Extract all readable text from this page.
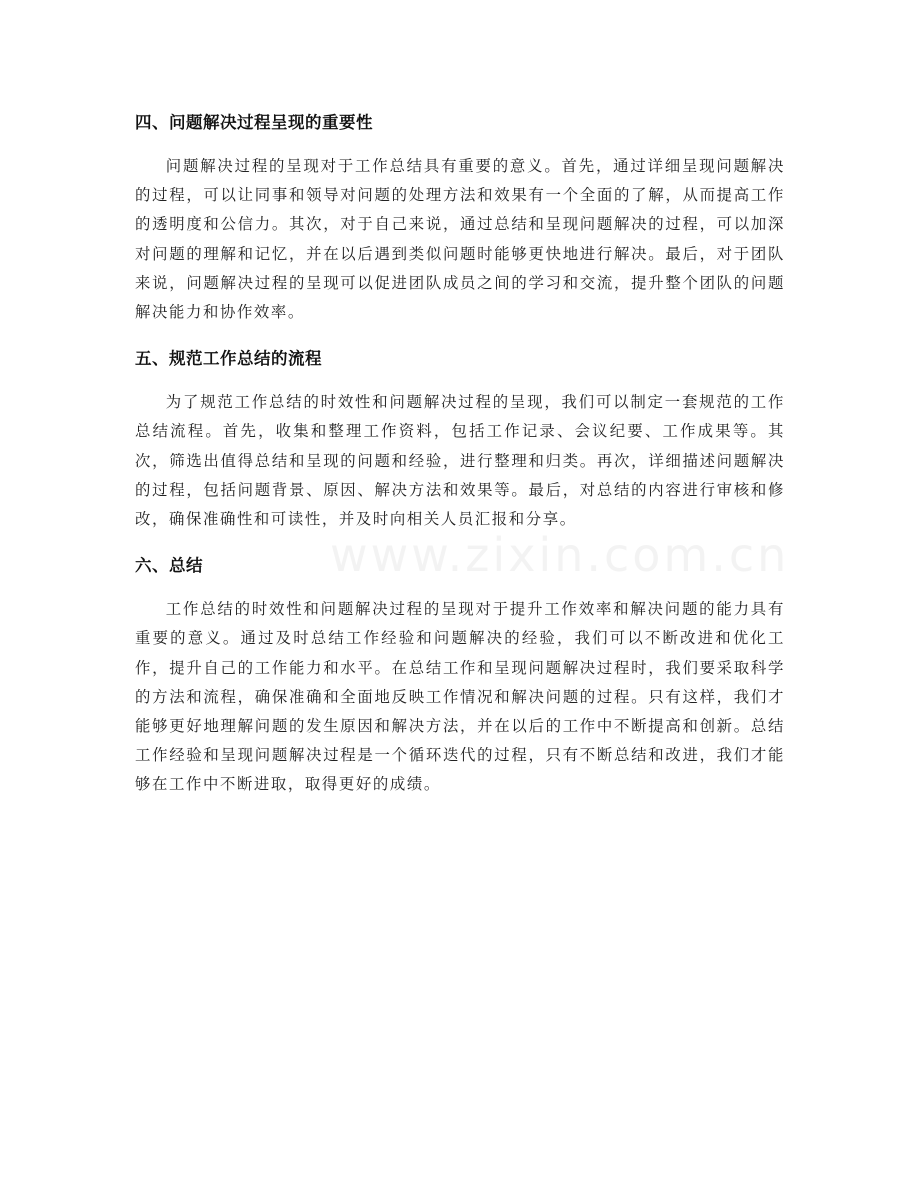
四、问题解决过程呈现的重要性

问题解决过程的呈现对于工作总结具有重要的意义。首先，通过详细呈现问题解决的过程，可以让同事和领导对问题的处理方法和效果有一个全面的了解，从而提高工作的透明度和公信力。其次，对于自己来说，通过总结和呈现问题解决的过程，可以加深对问题的理解和记忆，并在以后遇到类似问题时能够更快地进行解决。最后，对于团队来说，问题解决过程的呈现可以促进团队成员之间的学习和交流，提升整个团队的问题解决能力和协作效率。

五、规范工作总结的流程

为了规范工作总结的时效性和问题解决过程的呈现，我们可以制定一套规范的工作总结流程。首先，收集和整理工作资料，包括工作记录、会议纪要、工作成果等。其次，筛选出值得总结和呈现的问题和经验，进行整理和归类。再次，详细描述问题解决的过程，包括问题背景、原因、解决方法和效果等。最后，对总结的内容进行审核和修改，确保准确性和可读性，并及时向相关人员汇报和分享。

六、总结

工作总结的时效性和问题解决过程的呈现对于提升工作效率和解决问题的能力具有重要的意义。通过及时总结工作经验和问题解决的经验，我们可以不断改进和优化工作，提升自己的工作能力和水平。在总结工作和呈现问题解决过程时，我们要采取科学的方法和流程，确保准确和全面地反映工作情况和解决问题的过程。只有这样，我们才能够更好地理解问题的发生原因和解决方法，并在以后的工作中不断提高和创新。总结工作经验和呈现问题解决过程是一个循环迭代的过程，只有不断总结和改进，我们才能够在工作中不断进取，取得更好的成绩。

www.zixin.com.cn
